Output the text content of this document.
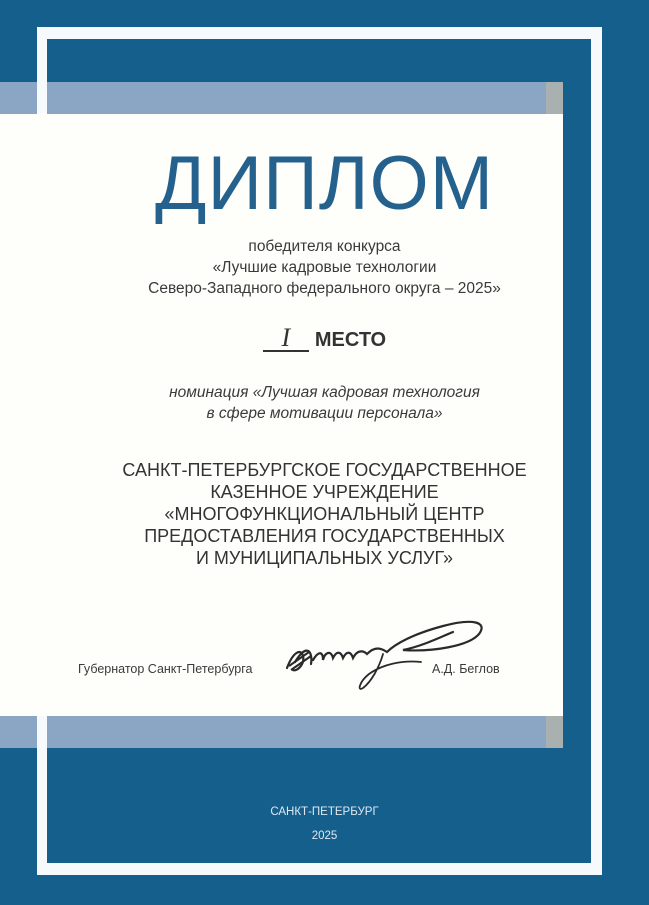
ДИПЛОМ
победителя конкурса
«Лучшие кадровые технологии
Северо-Западного федерального округа – 2025»
I МЕСТО
номинация «Лучшая кадровая технология
в сфере мотивации персонала»
САНКТ-ПЕТЕРБУРГСКОЕ ГОСУДАРСТВЕННОЕ
КАЗЕННОЕ УЧРЕЖДЕНИЕ
«МНОГОФУНКЦИОНАЛЬНЫЙ ЦЕНТР
ПРЕДОСТАВЛЕНИЯ ГОСУДАРСТВЕННЫХ
И МУНИЦИПАЛЬНЫХ УСЛУГ»
Губернатор Санкт-Петербурга	А.Д. Беглов
САНКТ-ПЕТЕРБУРГ
2025
